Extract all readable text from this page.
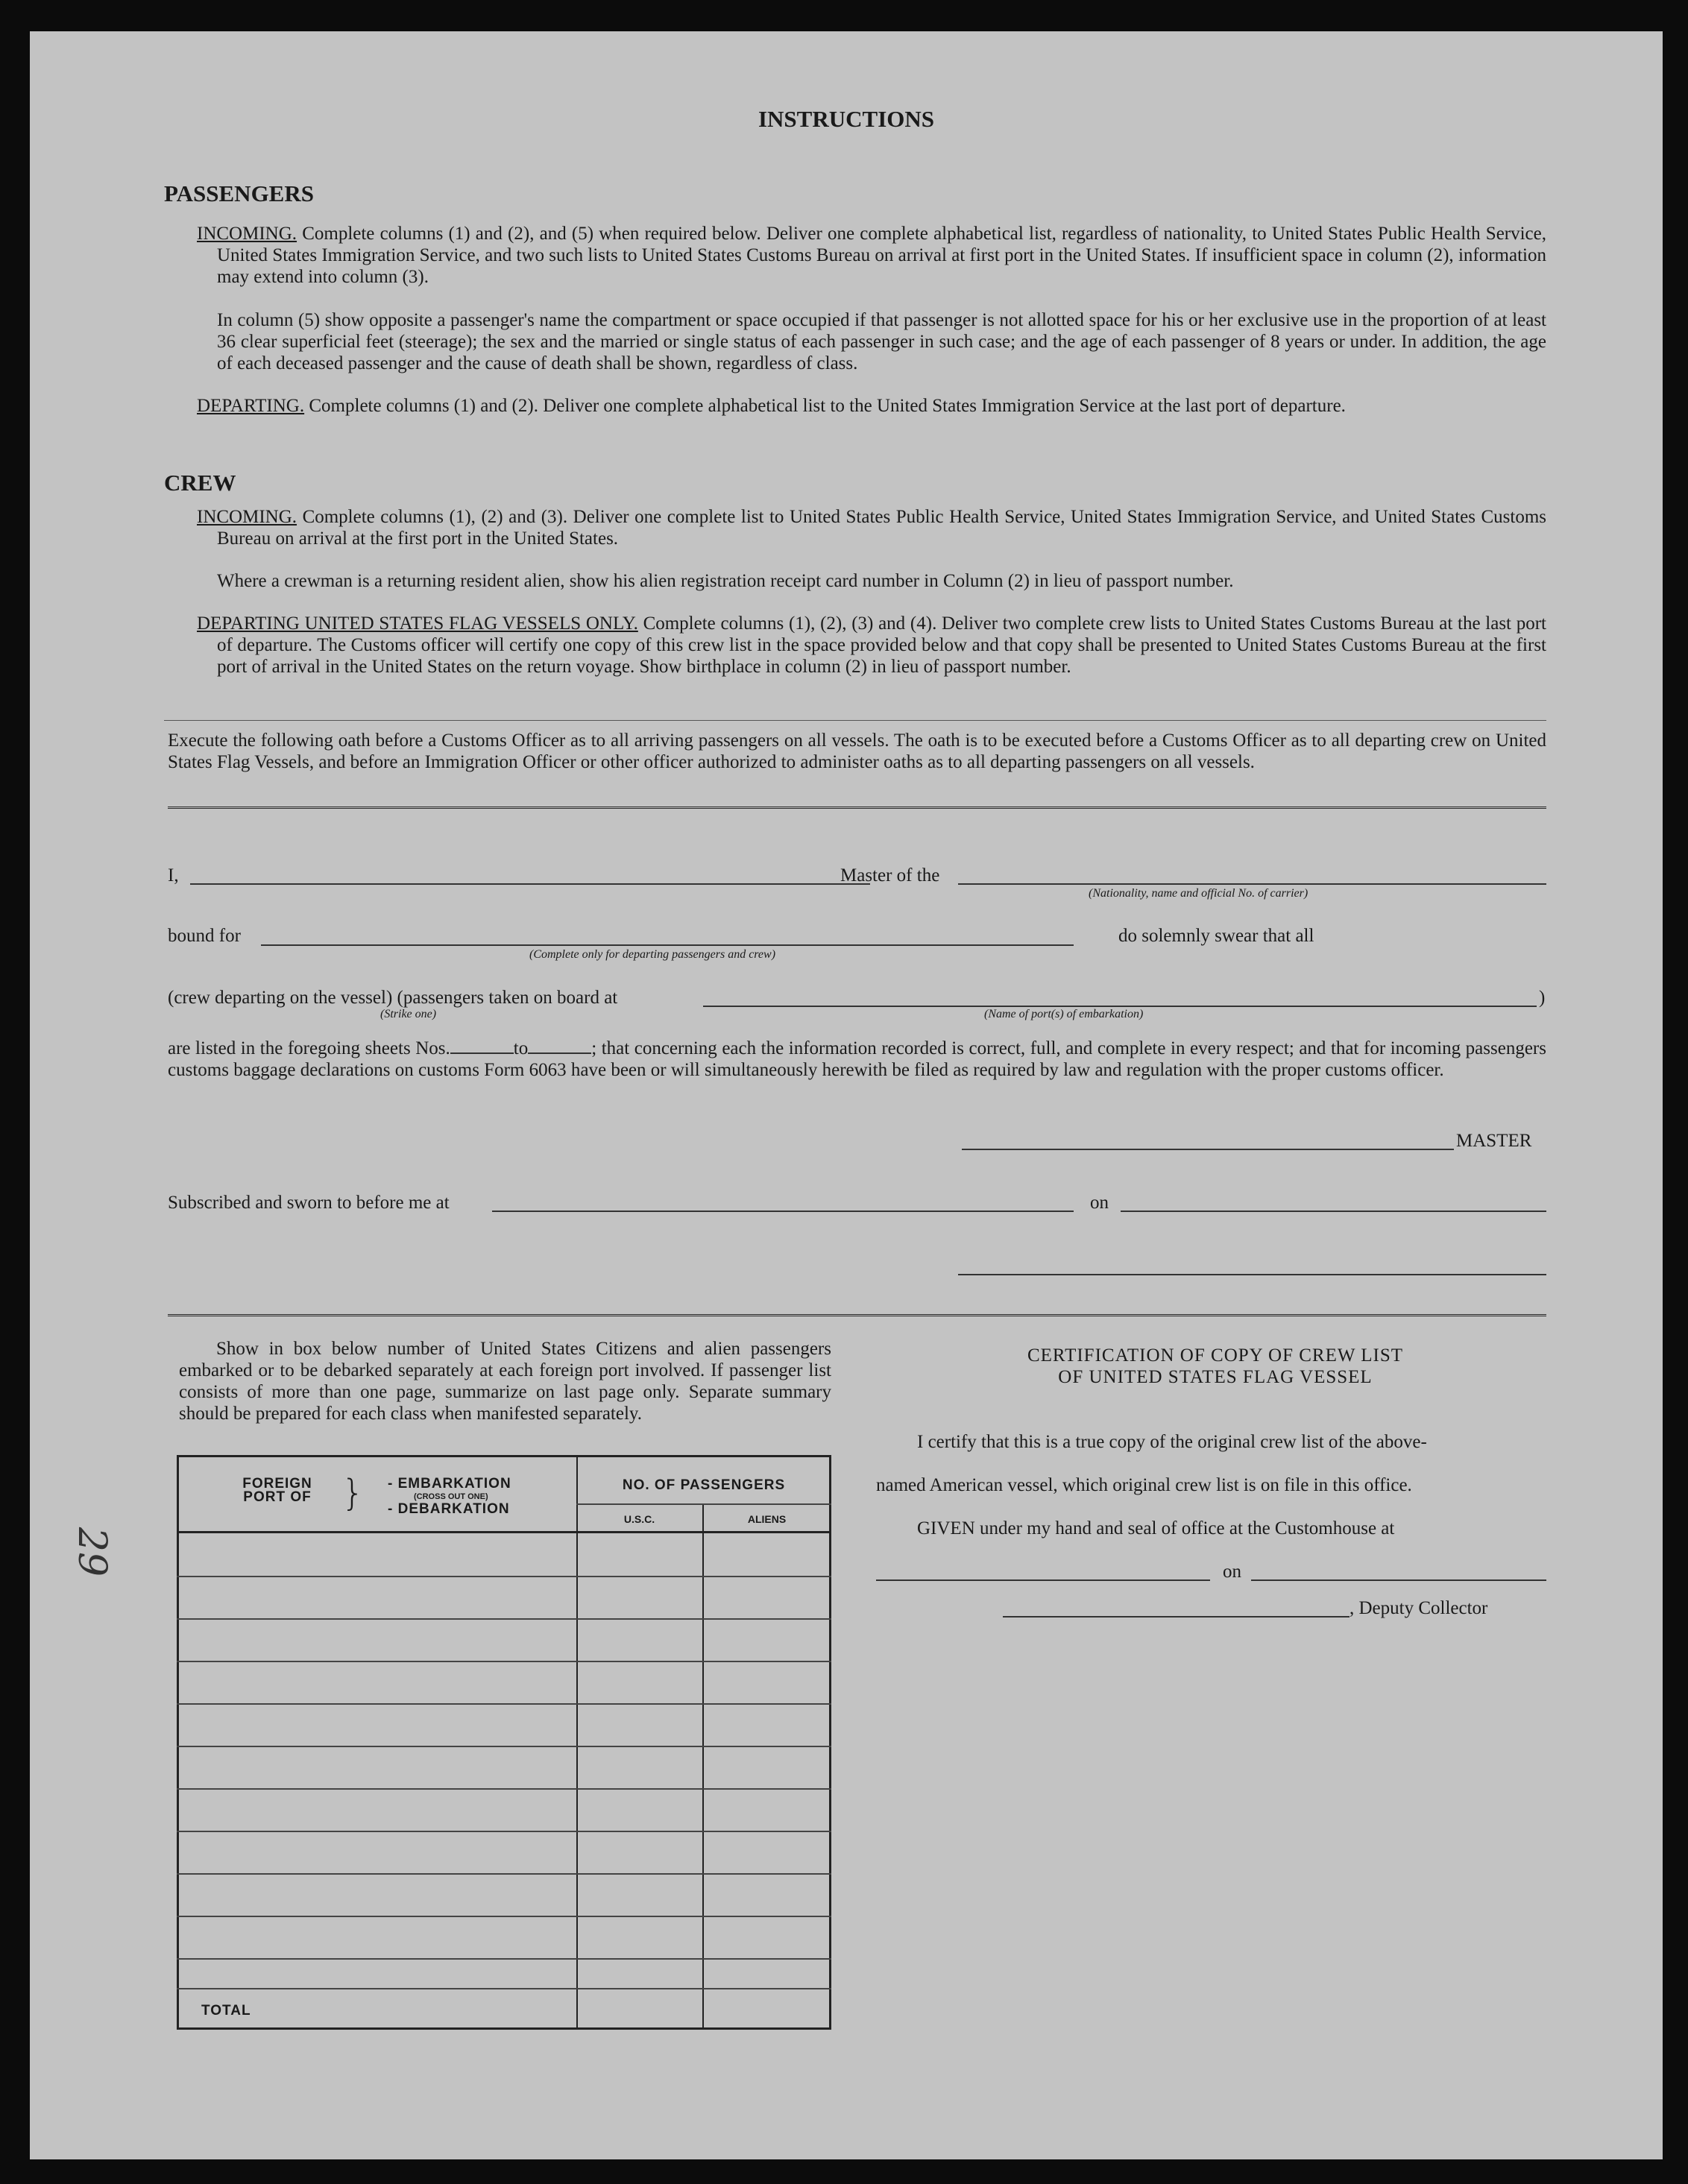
INSTRUCTIONS
PASSENGERS
INCOMING. Complete columns (1) and (2), and (5) when required below. Deliver one complete alphabetical list, regardless of nationality, to United States Public Health Service, United States Immigration Service, and two such lists to United States Customs Bureau on arrival at first port in the United States. If insufficient space in column (2), information may extend into column (3).
In column (5) show opposite a passenger's name the compartment or space occupied if that passenger is not allotted space for his or her exclusive use in the proportion of at least 36 clear superficial feet (steerage); the sex and the married or single status of each passenger in such case; and the age of each passenger of 8 years or under. In addition, the age of each deceased passenger and the cause of death shall be shown, regardless of class.
DEPARTING. Complete columns (1) and (2). Deliver one complete alphabetical list to the United States Immigration Service at the last port of departure.
CREW
INCOMING. Complete columns (1), (2) and (3). Deliver one complete list to United States Public Health Service, United States Immigration Service, and United States Customs Bureau on arrival at the first port in the United States.
Where a crewman is a returning resident alien, show his alien registration receipt card number in Column (2) in lieu of passport number.
DEPARTING UNITED STATES FLAG VESSELS ONLY. Complete columns (1), (2), (3) and (4). Deliver two complete crew lists to United States Customs Bureau at the last port of departure. The Customs officer will certify one copy of this crew list in the space provided below and that copy shall be presented to United States Customs Bureau at the first port of arrival in the United States on the return voyage. Show birthplace in column (2) in lieu of passport number.
Execute the following oath before a Customs Officer as to all arriving passengers on all vessels. The oath is to be executed before a Customs Officer as to all departing crew on United States Flag Vessels, and before an Immigration Officer or other officer authorized to administer oaths as to all departing passengers on all vessels.
I,	Master of the
(Nationality, name and official No. of carrier)
bound for
(Complete only for departing passengers and crew)
do solemnly swear that all
(crew departing on the vessel) (passengers taken on board at
(Strike one)	(Name of port(s) of embarkation)
)
are listed in the foregoing sheets Nos.	to	; that concerning each the information recorded is correct, full, and complete in every respect; and that for incoming passengers customs baggage declarations on customs Form 6063 have been or will simultaneously herewith be filed as required by law and regulation with the proper customs officer.
MASTER
Subscribed and sworn to before me at	on
Show in box below number of United States Citizens and alien passengers embarked or to be debarked separately at each foreign port involved. If passenger list consists of more than one page, summarize on last page only. Separate summary should be prepared for each class when manifested separately.
FOREIGN PORT OF } - EMBARKATION
(CROSS OUT ONE)
- DEBARKATION
NO. OF PASSENGERS
U.S.C.	ALIENS
TOTAL
CERTIFICATION OF COPY OF CREW LIST
OF UNITED STATES FLAG VESSEL
I certify that this is a true copy of the original crew list of the above-
named American vessel, which original crew list is on file in this office.
GIVEN under my hand and seal of office at the Customhouse at
on
, Deputy Collector
29
